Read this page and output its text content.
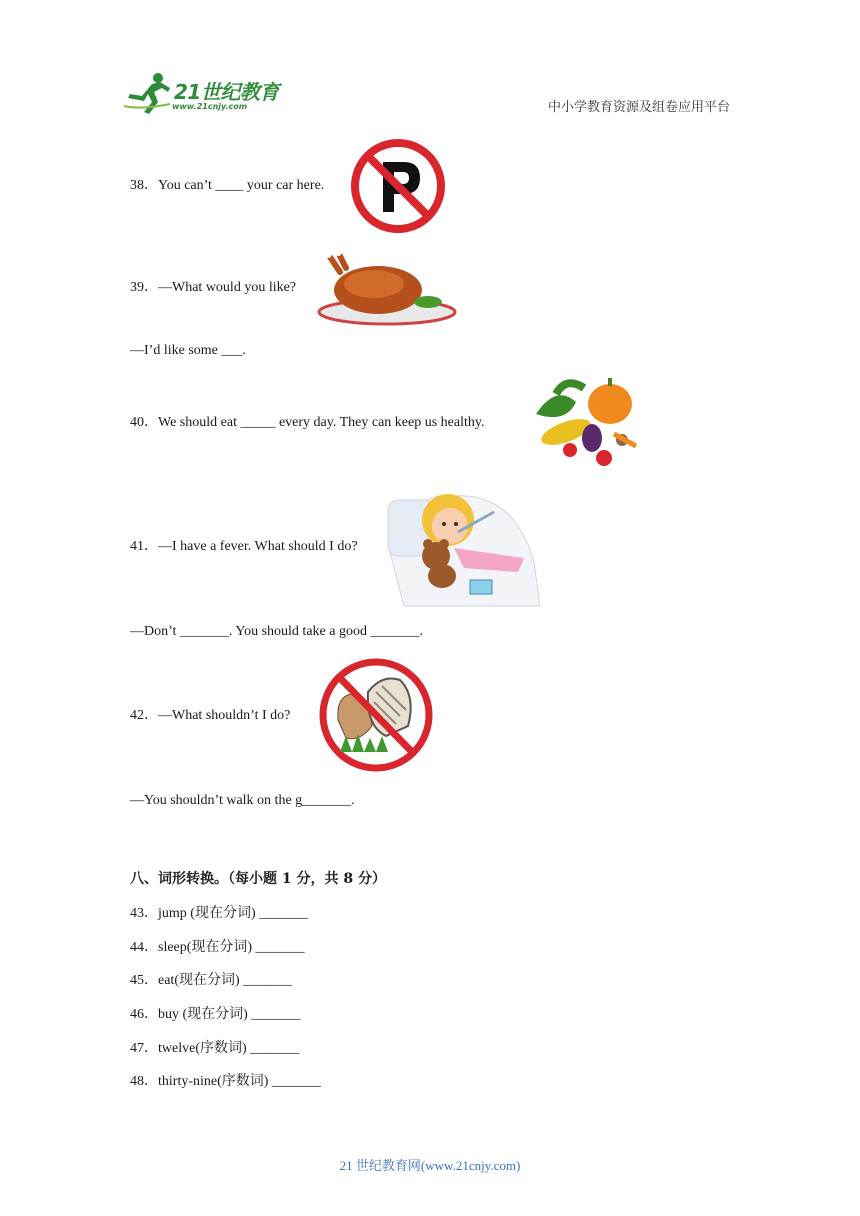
21世纪教育
www.21cnjy.com	中小学教育资源及组卷应用平台
38．You can’t ____ your car here.
39．—What would you like?
—I’d like some ___.
40．We should eat _____ every day. They can keep us healthy.
41．—I have a fever. What should I do?
—Don’t _______. You should take a good _______.
42．—What shouldn’t I do?
—You shouldn’t walk on the g_______.
八、词形转换。（每小题 1 分，共 8 分）
43．jump (现在分词) _______
44．sleep(现在分词) _______
45．eat(现在分词) _______
46．buy (现在分词) _______
47．twelve(序数词) _______
48．thirty-nine(序数词) _______
21 世纪教育网(www.21cnjy.com)
